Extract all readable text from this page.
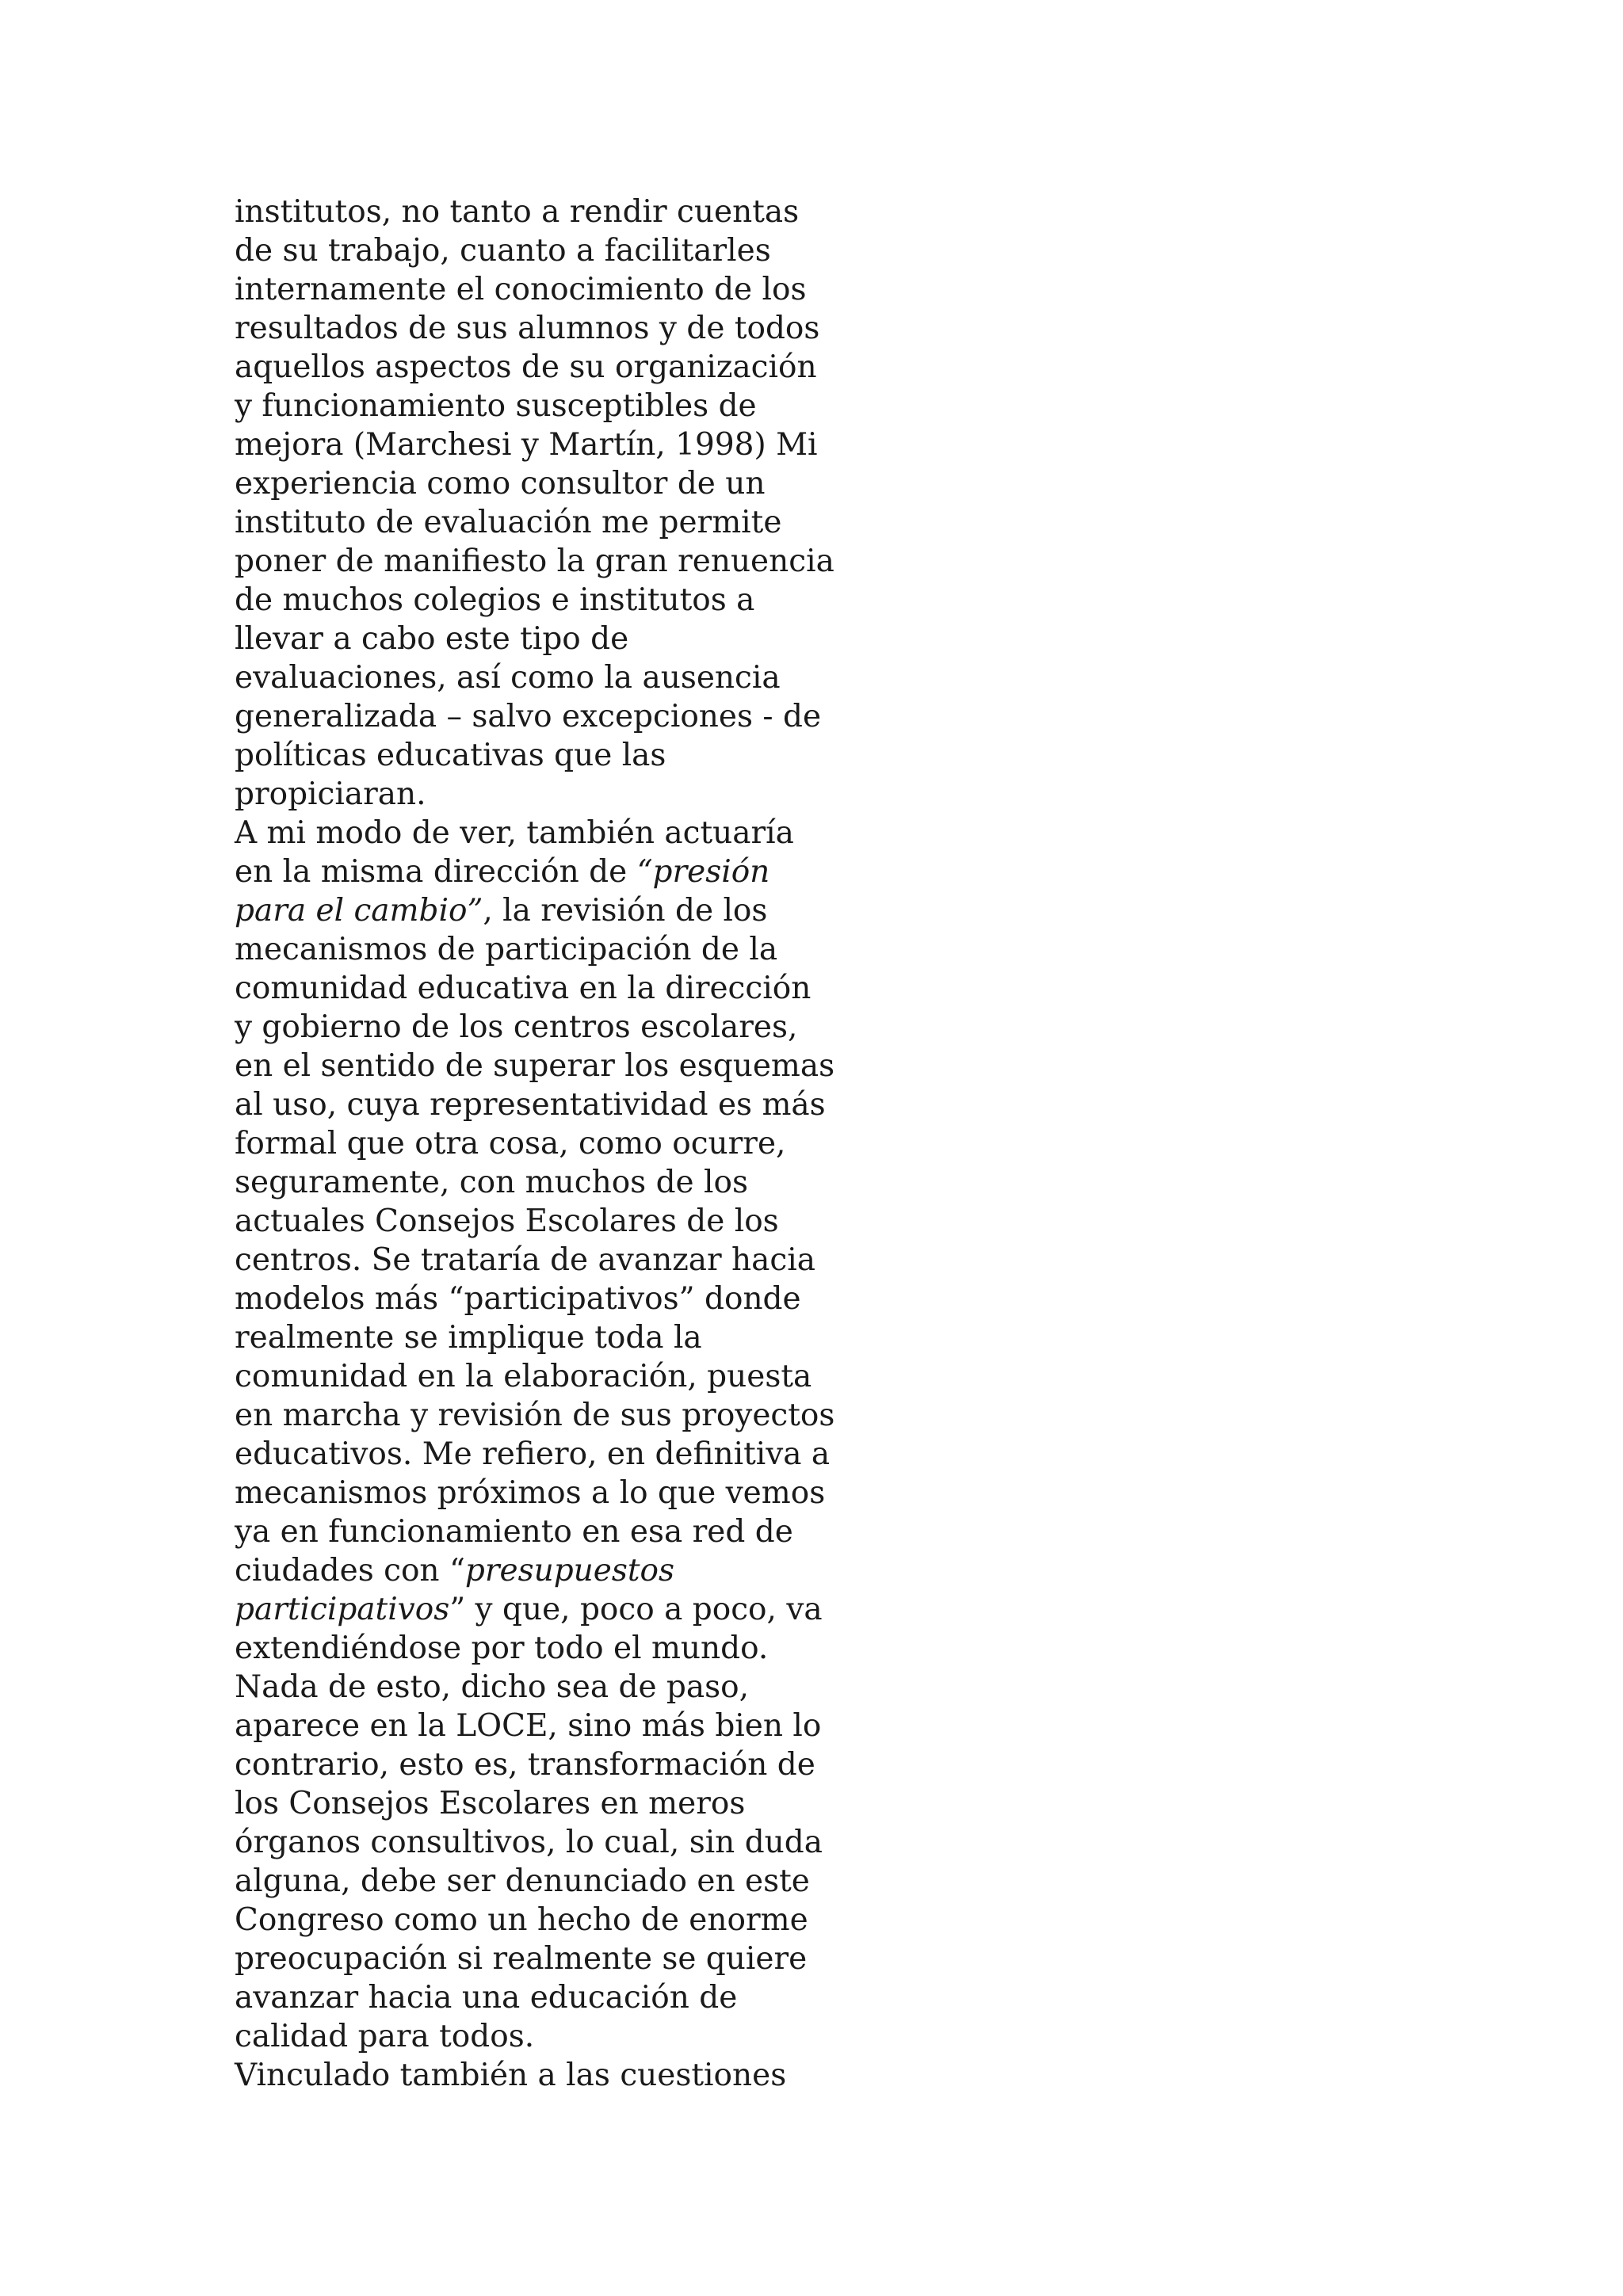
institutos, no tanto a rendir cuentas
de su trabajo, cuanto a facilitarles
internamente el conocimiento de los
resultados de sus alumnos y de todos
aquellos aspectos de su organización
y funcionamiento susceptibles de
mejora (Marchesi y Martín, 1998) Mi
experiencia como consultor de un
instituto de evaluación me permite
poner de manifiesto la gran renuencia
de muchos colegios e institutos a
llevar a cabo este tipo de
evaluaciones, así como la ausencia
generalizada – salvo excepciones - de
políticas educativas que las
propiciaran.
A mi modo de ver, también actuaría
en la misma dirección de “presión
para el cambio”, la revisión de los
mecanismos de participación de la
comunidad educativa en la dirección
y gobierno de los centros escolares,
en el sentido de superar los esquemas
al uso, cuya representatividad es más
formal que otra cosa, como ocurre,
seguramente, con muchos de los
actuales Consejos Escolares de los
centros. Se trataría de avanzar hacia
modelos más “participativos” donde
realmente se implique toda la
comunidad en la elaboración, puesta
en marcha y revisión de sus proyectos
educativos. Me refiero, en definitiva a
mecanismos próximos a lo que vemos
ya en funcionamiento en esa red de
ciudades con “presupuestos
participativos” y que, poco a poco, va
extendiéndose por todo el mundo.
Nada de esto, dicho sea de paso,
aparece en la LOCE, sino más bien lo
contrario, esto es, transformación de
los Consejos Escolares en meros
órganos consultivos, lo cual, sin duda
alguna, debe ser denunciado en este
Congreso como un hecho de enorme
preocupación si realmente se quiere
avanzar hacia una educación de
calidad para todos.
Vinculado también a las cuestiones
